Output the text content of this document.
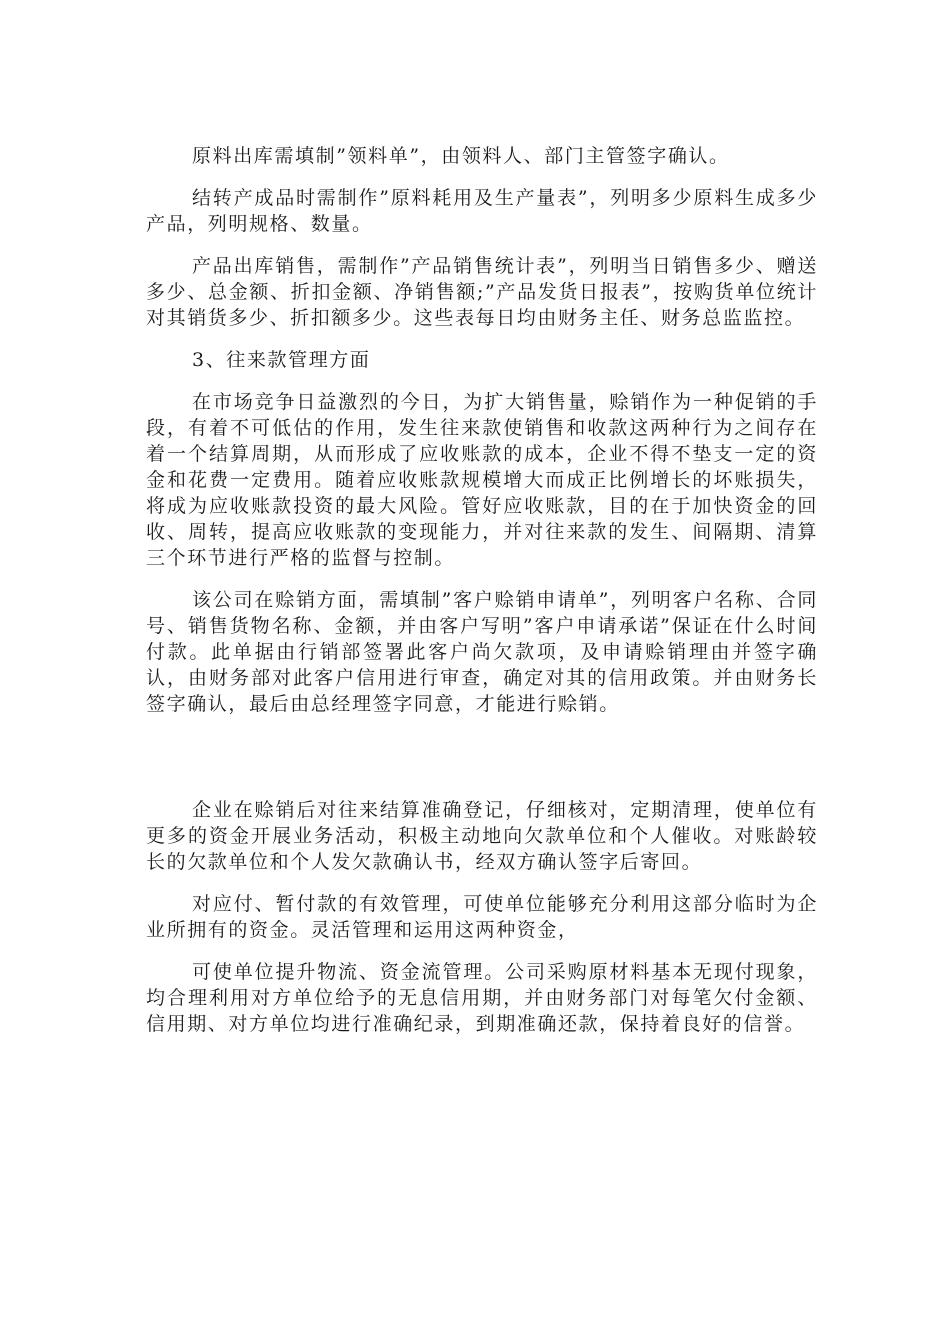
原料出库需填制”领料单”，由领料人、部门主管签字确认。

结转产成品时需制作”原料耗用及生产量表”，列明多少原料生成多少产品，列明规格、数量。

产品出库销售，需制作”产品销售统计表”，列明当日销售多少、赠送多少、总金额、折扣金额、净销售额;”产品发货日报表”，按购货单位统计对其销货多少、折扣额多少。这些表每日均由财务主任、财务总监监控。

3、往来款管理方面

在市场竞争日益激烈的今日，为扩大销售量，赊销作为一种促销的手段，有着不可低估的作用，发生往来款使销售和收款这两种行为之间存在着一个结算周期，从而形成了应收账款的成本，企业不得不垫支一定的资金和花费一定费用。随着应收账款规模增大而成正比例增长的坏账损失，将成为应收账款投资的最大风险。管好应收账款，目的在于加快资金的回收、周转，提高应收账款的变现能力，并对往来款的发生、间隔期、清算三个环节进行严格的监督与控制。

该公司在赊销方面，需填制”客户赊销申请单”，列明客户名称、合同号、销售货物名称、金额，并由客户写明”客户申请承诺”保证在什么时间付款。此单据由行销部签署此客户尚欠款项，及申请赊销理由并签字确认，由财务部对此客户信用进行审查，确定对其的信用政策。并由财务长签字确认，最后由总经理签字同意，才能进行赊销。

企业在赊销后对往来结算准确登记，仔细核对，定期清理，使单位有更多的资金开展业务活动，积极主动地向欠款单位和个人催收。对账龄较长的欠款单位和个人发欠款确认书，经双方确认签字后寄回。

对应付、暂付款的有效管理，可使单位能够充分利用这部分临时为企业所拥有的资金。灵活管理和运用这两种资金，

可使单位提升物流、资金流管理。公司采购原材料基本无现付现象，均合理利用对方单位给予的无息信用期，并由财务部门对每笔欠付金额、信用期、对方单位均进行准确纪录，到期准确还款，保持着良好的信誉。
